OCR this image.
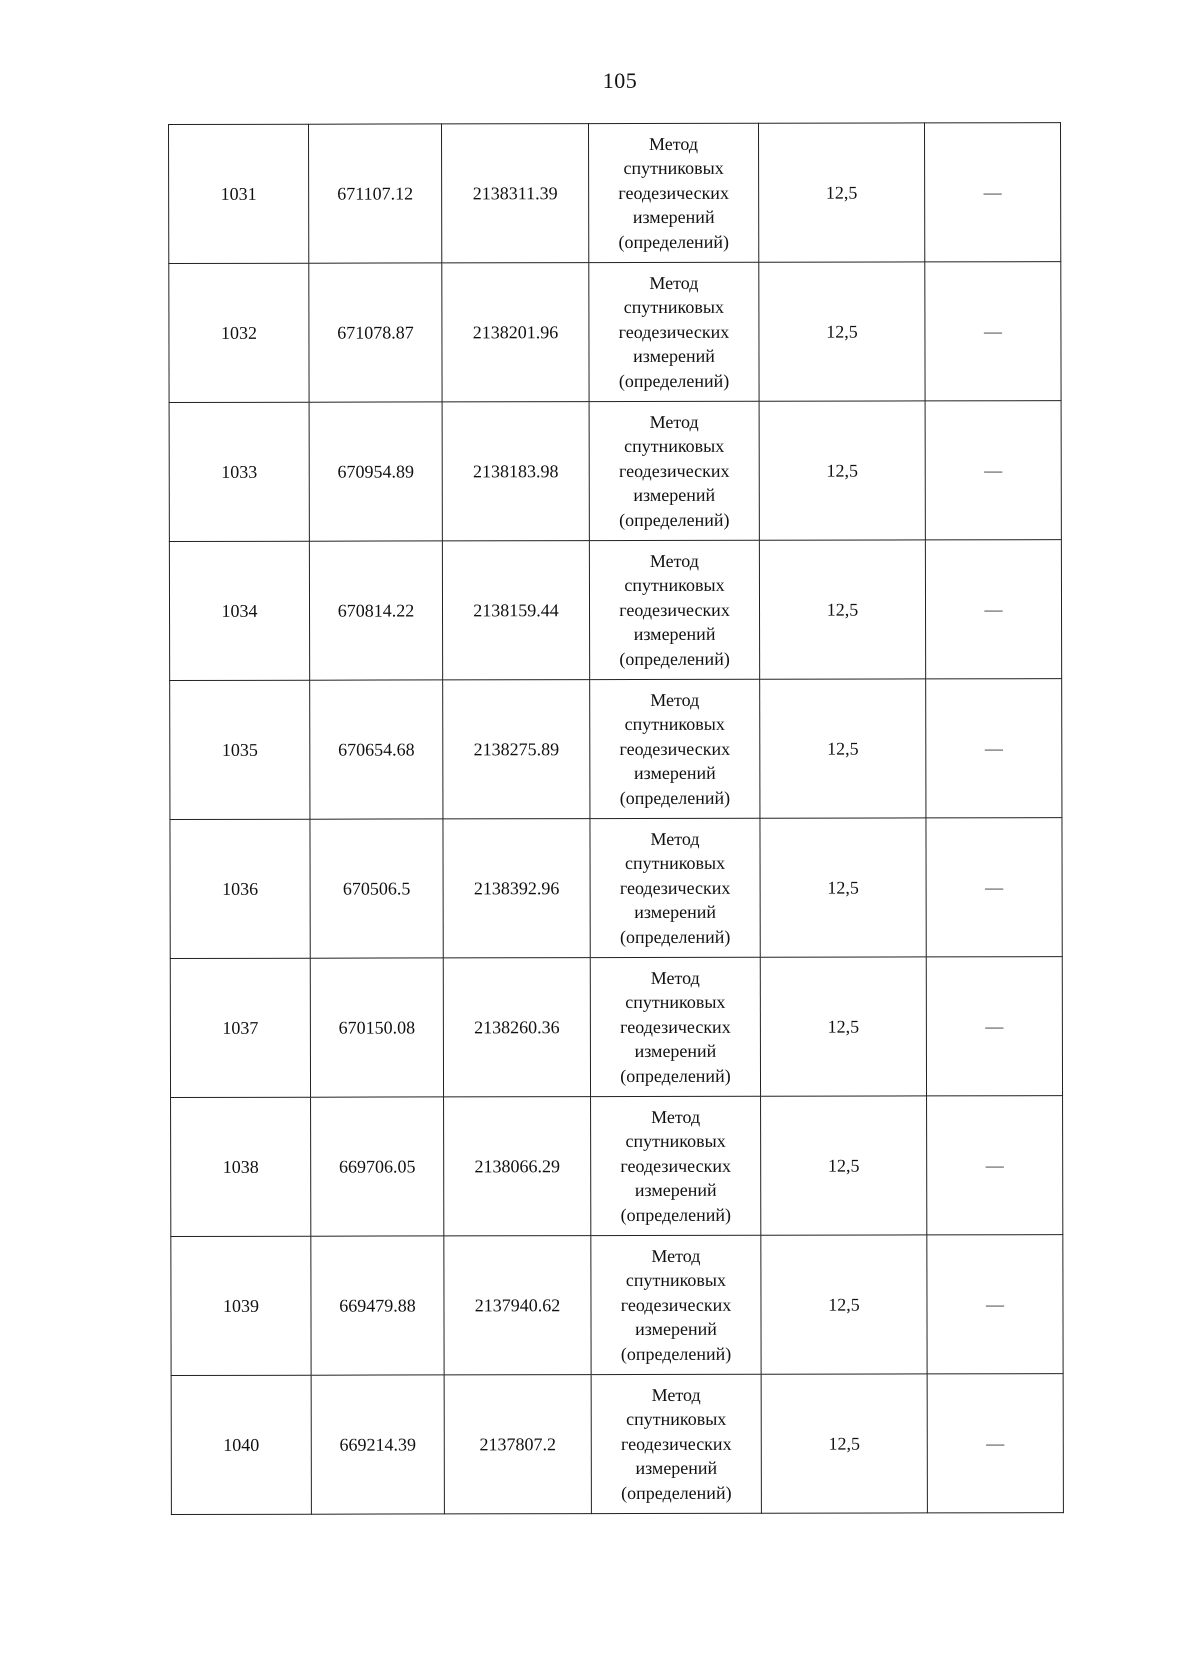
105
1031	671107.12	2138311.39	Метод
спутниковых
геодезических
измерений
(определений)	12,5	—
1032	671078.87	2138201.96	Метод
спутниковых
геодезических
измерений
(определений)	12,5	—
1033	670954.89	2138183.98	Метод
спутниковых
геодезических
измерений
(определений)	12,5	—
1034	670814.22	2138159.44	Метод
спутниковых
геодезических
измерений
(определений)	12,5	—
1035	670654.68	2138275.89	Метод
спутниковых
геодезических
измерений
(определений)	12,5	—
1036	670506.5	2138392.96	Метод
спутниковых
геодезических
измерений
(определений)	12,5	—
1037	670150.08	2138260.36	Метод
спутниковых
геодезических
измерений
(определений)	12,5	—
1038	669706.05	2138066.29	Метод
спутниковых
геодезических
измерений
(определений)	12,5	—
1039	669479.88	2137940.62	Метод
спутниковых
геодезических
измерений
(определений)	12,5	—
1040	669214.39	2137807.2	Метод
спутниковых
геодезических
измерений
(определений)	12,5	—
